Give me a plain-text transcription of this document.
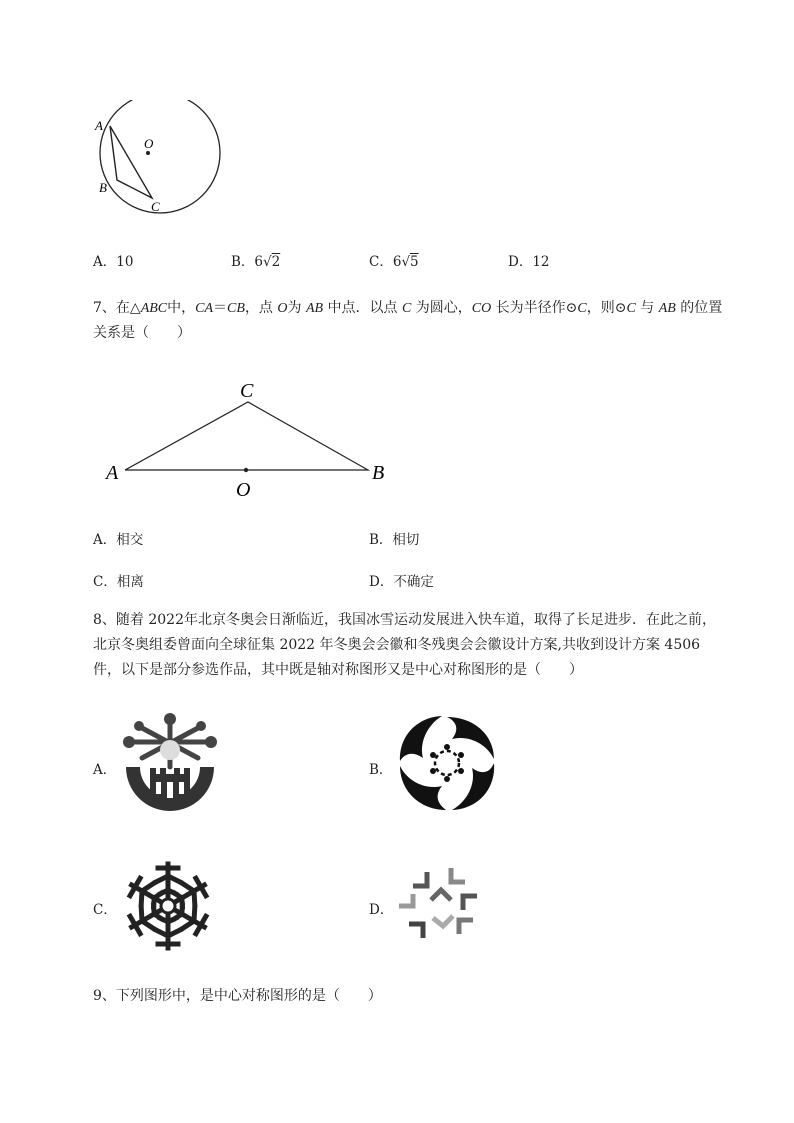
A
O
B
C
A．10	B．6√2	C．6√5	D．12
7、在△ABC中，CA＝CB，点 O为 AB 中点．以点 C 为圆心，CO 长为半径作⊙C，则⊙C 与 AB 的位置
关系是（　　）
C
A	B
O
A．相交	B．相切
C．相离	D．不确定
8、随着 2022年北京冬奥会日渐临近，我国冰雪运动发展进入快车道，取得了长足进步．在此之前，
北京冬奥组委曾面向全球征集 2022 年冬奥会会徽和冬残奥会会徽设计方案,共收到设计方案 4506
件，以下是部分参选作品，其中既是轴对称图形又是中心对称图形的是（　　）
A．	B．
C．	D．
9、下列图形中，是中心对称图形的是（　　）
